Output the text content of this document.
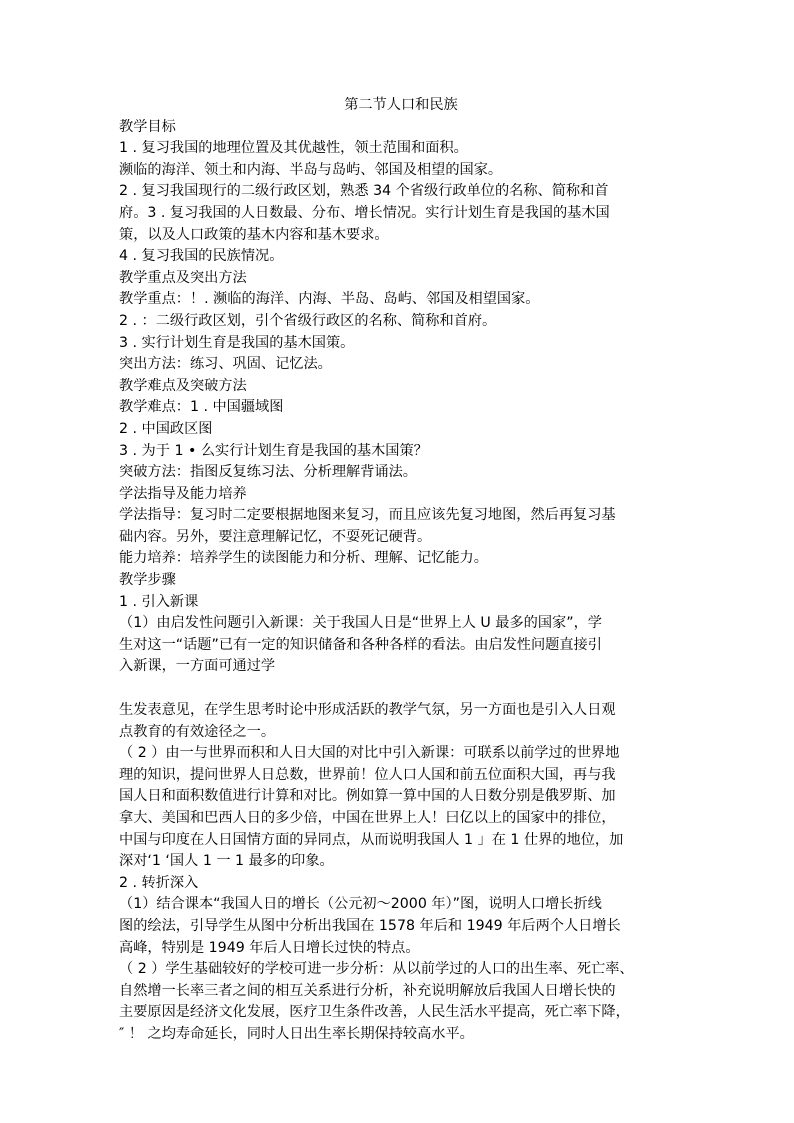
第二节人口和民族

教学目标

1 . 复习我国的地理位置及其优越性，领土范围和面积。

濒临的海洋、领土和内海、半岛与岛屿、邻国及相望的国家。

2 . 复习我国现行的二级行政区划，熟悉 34 个省级行政单位的名称、简称和首

府。3 . 复习我国的人日数最、分布、增长情况。实行计划生育是我国的基木国

策，以及人口政策的基木内容和基木要求。

4 . 复习我国的民族情况。

教学重点及突出方法

教学重点：！. 濒临的海洋、内海、半岛、岛屿、邻国及相望国家。

2 . ：二级行政区划，引个省级行政区的名称、简称和首府。

3 . 实行计划生育是我国的基木国策。

突出方法：练习、巩固、记忆法。

教学难点及突破方法

教学难点：1 . 中国疆域图

2 . 中国政区图

3 . 为于 1 • 么实行计划生育是我国的基木国策？

突破方法：指图反复练习法、分析理解背诵法。

学法指导及能力培养

学法指导：复习时二定要根据地图来复习，而且应该先复习地图，然后再复习基

础内容。另外，要注意理解记忆，不耍死记硬背。

能力培养：培养学生的读图能力和分析、理解、记忆能力。

教学步骤

1 . 引入新课

（1）由启发性问题引入新课：关于我国人日是“世界上人 U 最多的国家”，学

生对这一“话题”已有一定的知识储备和各种各样的看法。由启发性问题直接引

入新课，一方面可通过学

生发表意见，在学生思考时论中形成活跃的教学气氛，另一方面也是引入人日观

点教育的有效途径之一。

（ 2 ）由一与世界而积和人日大国的对比中引入新课：可联系以前学过的世界地

理的知识，提问世界人日总数，世界前！位人口人国和前五位面积大国，再与我

国人日和面积数值进行计算和对比。例如算一算中国的人日数分别是俄罗斯、加

拿大、美国和巴西人日的多少倍，中国在世界上人！曰亿以上的国家中的排位，

中国与印度在人日国情方面的异同点，从而说明我国人 1 」在 1 仕界的地位，加

深对‘1 ‘国人 1 一 1 最多的印象。

2 . 转折深入

（1）结合课本“我国人日的增长（公元初～2000 年）”图，说明人口增长折线

图的绘法，引导学生从图中分析出我国在 1578 年后和 1949 年后两个人日增长

高峰，特别是 1949 年后人日增长过快的特点。

（ 2 ）学生基础较好的学校可进一步分析：从以前学过的人口的出生率、死亡率、

自然增一长率三者之间的相互关系进行分析，补充说明解放后我国人日增长快的

主要原因是经济文化发展，医疗卫生条件改善，人民生活水平提高，死亡率下降，

″ ！ 之均寿命延长，同时人日出生率长期保持较高水平。
